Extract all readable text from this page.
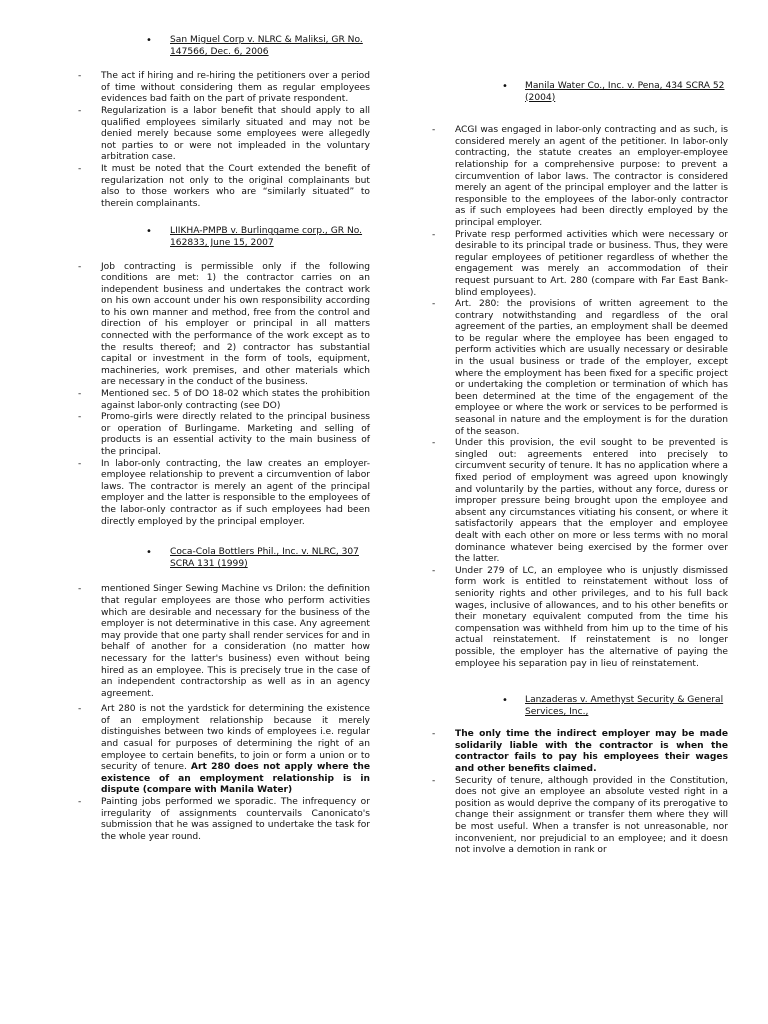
• San Miguel Corp v. NLRC & Maliksi, GR No. 147566, Dec. 6, 2006
- The act if hiring and re-hiring the petitioners over a period of time without considering them as regular employees evidences bad faith on the part of private respondent.
- Regularization is a labor benefit that should apply to all qualified employees similarly situated and may not be denied merely because some employees were allegedly not parties to or were not impleaded in the voluntary arbitration case.
- It must be noted that the Court extended the benefit of regularization not only to the original complainants but also to those workers who are “similarly situated” to therein complainants.
• LIIKHA-PMPB v. Burlinggame corp., GR No. 162833, June 15, 2007
- Job contracting is permissible only if the following conditions are met: 1) the contractor carries on an independent business and undertakes the contract work on his own account under his own responsibility according to his own manner and method, free from the control and direction of his employer or principal in all matters connected with the performance of the work except as to the results thereof; and 2) contractor has substantial capital or investment in the form of tools, equipment, machineries, work premises, and other materials which are necessary in the conduct of the business.
- Mentioned sec. 5 of DO 18-02 which states the prohibition against labor-only contracting (see DO)
- Promo-girls were directly related to the principal business or operation of Burlingame. Marketing and selling of products is an essential activity to the main business of the principal.
- In labor-only contracting, the law creates an employer-employee relationship to prevent a circumvention of labor laws. The contractor is merely an agent of the principal employer and the latter is responsible to the employees of the labor-only contractor as if such employees had been directly employed by the principal employer.
• Coca-Cola Bottlers Phil., Inc. v. NLRC, 307 SCRA 131 (1999)
- mentioned Singer Sewing Machine vs Drilon: the definition that regular employees are those who perform activities which are desirable and necessary for the business of the employer is not determinative in this case. Any agreement may provide that one party shall render services for and in behalf of another for a consideration (no matter how necessary for the latter's business) even without being hired as an employee. This is precisely true in the case of an independent contractorship as well as in an agency agreement.
- Art 280 is not the yardstick for determining the existence of an employment relationship because it merely distinguishes between two kinds of employees i.e. regular and casual for purposes of determining the right of an employee to certain benefits, to join or form a union or to security of tenure. Art 280 does not apply where the existence of an employment relationship is in dispute (compare with Manila Water)
- Painting jobs performed we sporadic. The infrequency or irregularity of assignments countervails Canonicato's submission that he was assigned to undertake the task for the whole year round.
• Manila Water Co., Inc. v. Pena, 434 SCRA 52 (2004)
- ACGI was engaged in labor-only contracting and as such, is considered merely an agent of the petitioner. In labor-only contracting, the statute creates an employer-employee relationship for a comprehensive purpose: to prevent a circumvention of labor laws. The contractor is considered merely an agent of the principal employer and the latter is responsible to the employees of the labor-only contractor as if such employees had been directly employed by the principal employer.
- Private resp performed activities which were necessary or desirable to its principal trade or business. Thus, they were regular employees of petitioner regardless of whether the engagement was merely an accommodation of their request pursuant to Art. 280 (compare with Far East Bank-blind employees).
- Art. 280: the provisions of written agreement to the contrary notwithstanding and regardless of the oral agreement of the parties, an employment shall be deemed to be regular where the employee has been engaged to perform activities which are usually necessary or desirable in the usual business or trade of the employer, except where the employment has been fixed for a specific project or undertaking the completion or termination of which has been determined at the time of the engagement of the employee or where the work or services to be performed is seasonal in nature and the employment is for the duration of the season.
- Under this provision, the evil sought to be prevented is singled out: agreements entered into precisely to circumvent security of tenure. It has no application where a fixed period of employment was agreed upon knowingly and voluntarily by the parties, without any force, duress or improper pressure being brought upon the employee and absent any circumstances vitiating his consent, or where it satisfactorily appears that the employer and employee dealt with each other on more or less terms with no moral dominance whatever being exercised by the former over the latter.
- Under 279 of LC, an employee who is unjustly dismissed form work is entitled to reinstatement without loss of seniority rights and other privileges, and to his full back wages, inclusive of allowances, and to his other benefits or their monetary equivalent computed from the time his compensation was withheld from him up to the time of his actual reinstatement. If reinstatement is no longer possible, the employer has the alternative of paying the employee his separation pay in lieu of reinstatement.
• Lanzaderas v. Amethyst Security & General Services, Inc.,
- The only time the indirect employer may be made solidarily liable with the contractor is when the contractor fails to pay his employees their wages and other benefits claimed.
- Security of tenure, although provided in the Constitution, does not give an employee an absolute vested right in a position as would deprive the company of its prerogative to change their assignment or transfer them where they will be most useful. When a transfer is not unreasonable, nor inconvenient, nor prejudicial to an employee; and it doesn not involve a demotion in rank or
